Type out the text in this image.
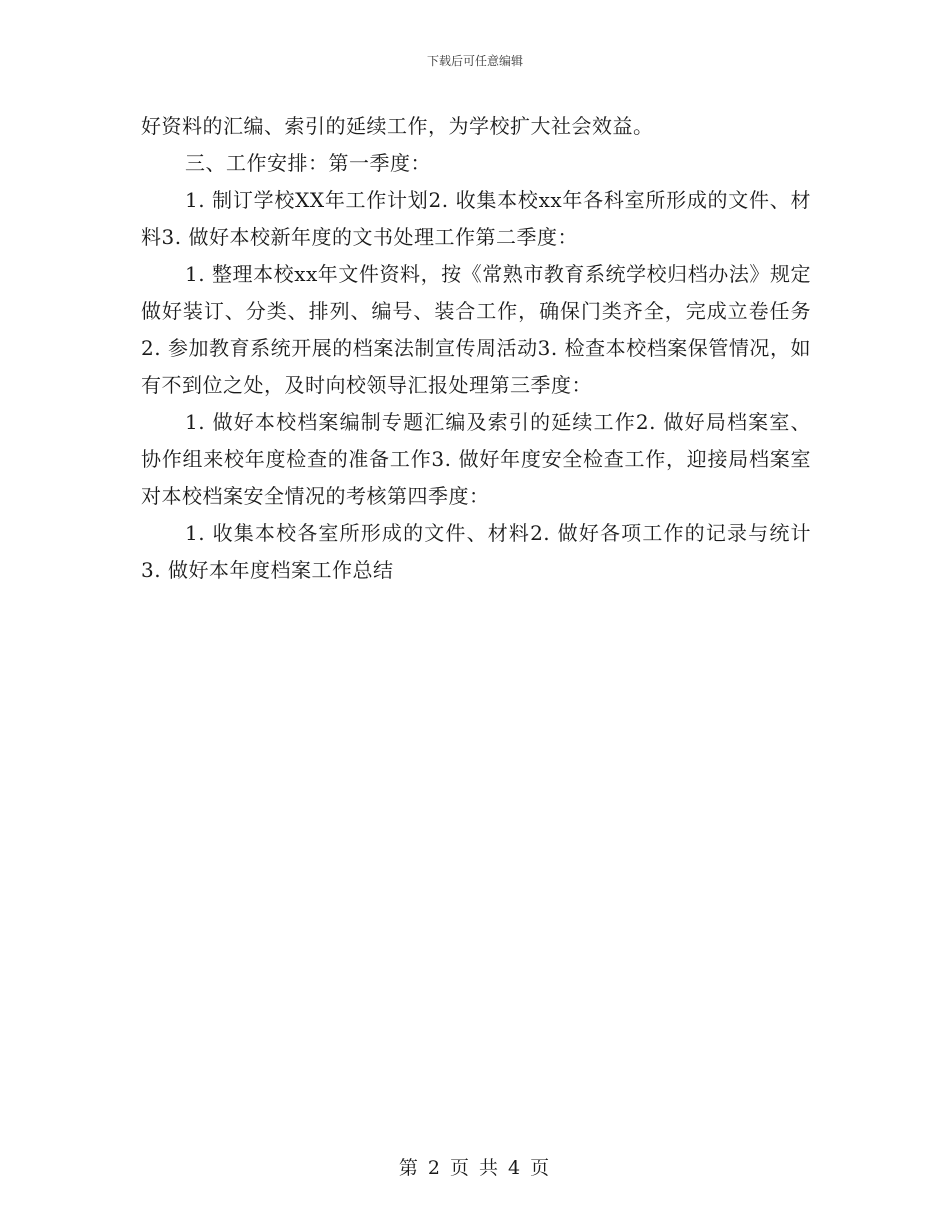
下载后可任意编辑

好资料的汇编、索引的延续工作，为学校扩大社会效益。

三、工作安排：第一季度：

1. 制订学校XX年工作计划2. 收集本校xx年各科室所形成的文件、材料3. 做好本校新年度的文书处理工作第二季度：

1. 整理本校xx年文件资料，按《常熟市教育系统学校归档办法》规定做好装订、分类、排列、编号、装合工作，确保门类齐全，完成立卷任务2. 参加教育系统开展的档案法制宣传周活动3. 检查本校档案保管情况，如有不到位之处，及时向校领导汇报处理第三季度：

1. 做好本校档案编制专题汇编及索引的延续工作2. 做好局档案室、协作组来校年度检查的准备工作3. 做好年度安全检查工作，迎接局档案室对本校档案安全情况的考核第四季度：

1. 收集本校各室所形成的文件、材料2. 做好各项工作的记录与统计3. 做好本年度档案工作总结

第 2 页 共 4 页
